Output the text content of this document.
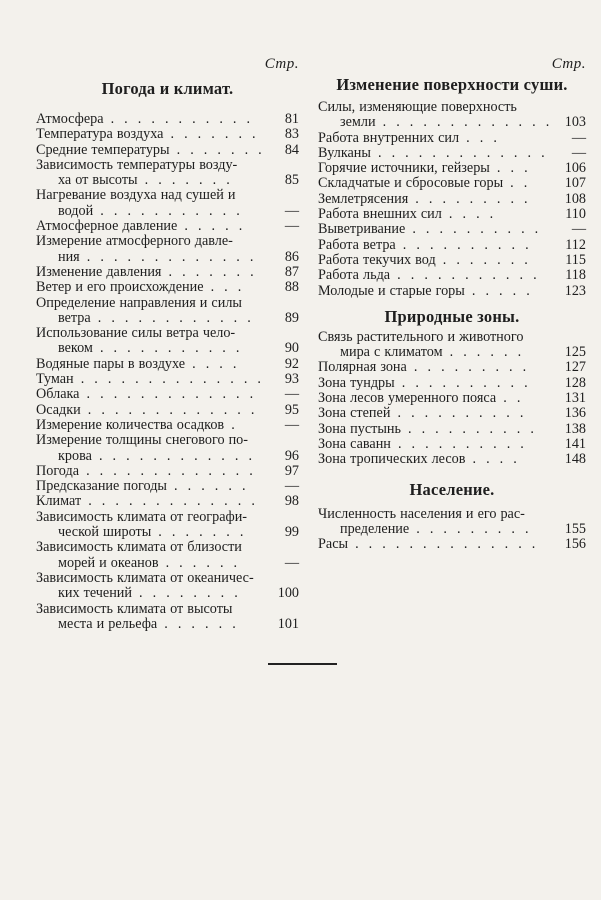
Стр.
Погода и климат.
Атмосфера . . . . . . . . . . .	81
Температура воздуха . . . . . . .	83
Средние температуры . . . . . . .	84
Зависимость температуры возду-
ха от высоты . . . . . . .	85
Нагревание воздуха над сушей и
водой . . . . . . . . . . .	—
Атмосферное давление . . . . .	—
Измерение атмосферного давле-
ния . . . . . . . . . . . . .	86
Изменение давления . . . . . . .	87
Ветер и его происхождение . . .	88
Определение направления и силы
ветра . . . . . . . . . . . .	89
Использование силы ветра чело-
веком . . . . . . . . . . .	90
Водяные пары в воздухе . . . .	92
Туман . . . . . . . . . . . . . .	93
Облака . . . . . . . . . . . . .	—
Осадки . . . . . . . . . . . . .	95
Измерение количества осадков .	—
Измерение толщины снегового по-
крова . . . . . . . . . . . .	96
Погода . . . . . . . . . . . . .	97
Предсказание погоды . . . . . .	—
Климат . . . . . . . . . . . . .	98
Зависимость климата от географи-
ческой широты . . . . . . .	99
Зависимость климата от близости
морей и океанов . . . . . .	—
Зависимость климата от океаничес-
ких течений . . . . . . . .	100
Зависимость климата от высоты
места и рельефа . . . . . .	101
Стр.
Изменение поверхности суши.
Силы, изменяющие поверхность
земли . . . . . . . . . . . . . 103
Работа внутренних сил . . .	—
Вулканы . . . . . . . . . . . . .	—
Горячие источники, гейзеры . . .	106
Складчатые и сбросовые горы . .	107
Землетрясения . . . . . . . . .	108
Работа внешних сил . . . .	110
Выветривание . . . . . . . . . .	—
Работа ветра . . . . . . . . . .	112
Работа текучих вод . . . . . . .	115
Работа льда . . . . . . . . . . .	118
Молодые и старые горы . . . . .	123
Природные зоны.
Связь растительного и животного
мира с климатом . . . . . .	125
Полярная зона . . . . . . . . .	127
Зона тундры . . . . . . . . . .	128
Зона лесов умеренного пояса . .	131
Зона степей . . . . . . . . . .	136
Зона пустынь . . . . . . . . . .	138
Зона саванн . . . . . . . . . .	141
Зона тропических лесов . . . .	148
Население.
Численность населения и его рас-
пределение . . . . . . . . .	155
Расы . . . . . . . . . . . . . .	156
